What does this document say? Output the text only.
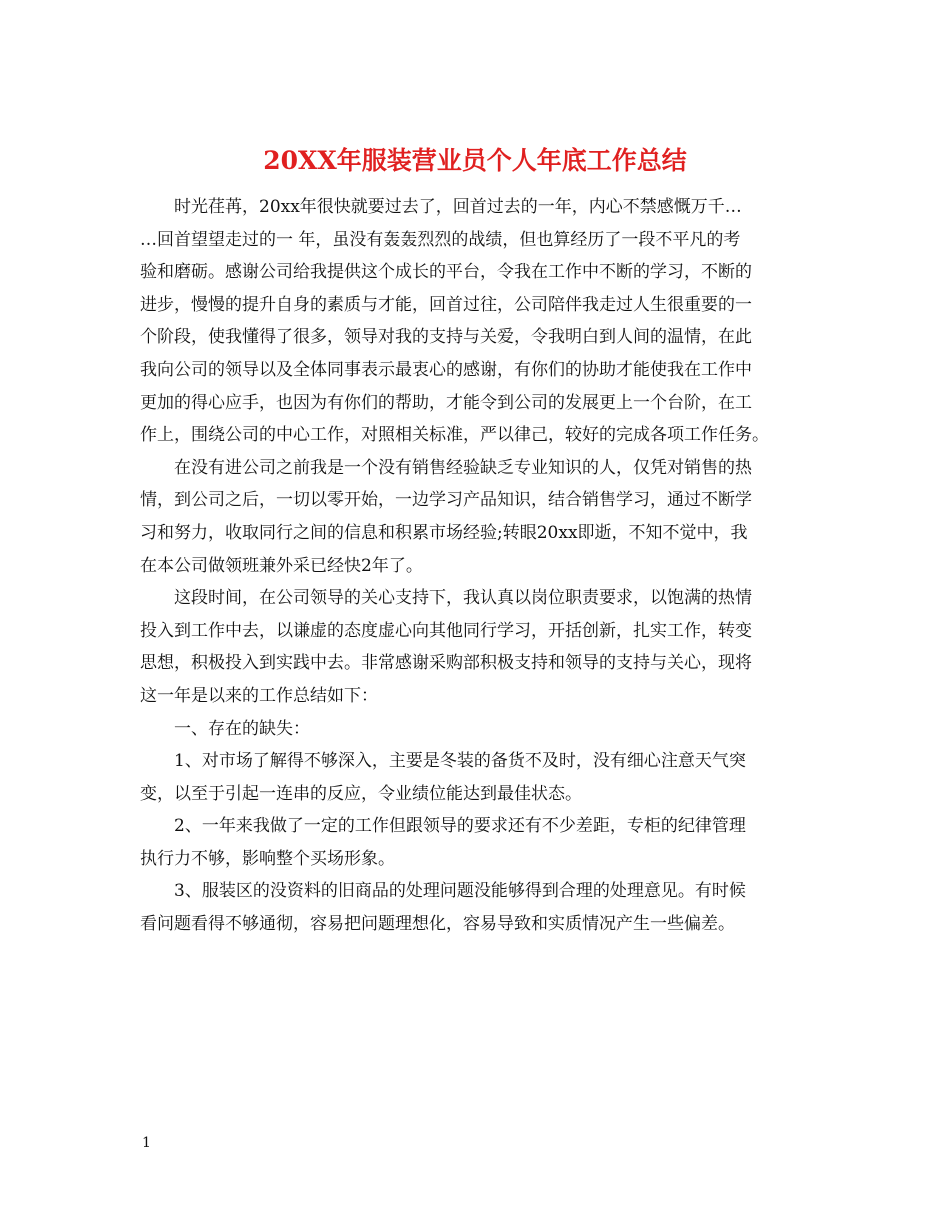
20XX年服装营业员个人年底工作总结
时光荏苒，20xx年很快就要过去了，回首过去的一年，内心不禁感慨万千…
…回首望望走过的一 年，虽没有轰轰烈烈的战绩，但也算经历了一段不平凡的考
验和磨砺。感谢公司给我提供这个成长的平台，令我在工作中不断的学习，不断的
进步，慢慢的提升自身的素质与才能，回首过往，公司陪伴我走过人生很重要的一
个阶段，使我懂得了很多，领导对我的支持与关爱，令我明白到人间的温情，在此
我向公司的领导以及全体同事表示最衷心的感谢，有你们的协助才能使我在工作中
更加的得心应手，也因为有你们的帮助，才能令到公司的发展更上一个台阶，在工
作上，围绕公司的中心工作，对照相关标准，严以律己，较好的完成各项工作任务。
在没有进公司之前我是一个没有销售经验缺乏专业知识的人，仅凭对销售的热
情，到公司之后，一切以零开始，一边学习产品知识，结合销售学习，通过不断学
习和努力，收取同行之间的信息和积累市场经验;转眼20xx即逝，不知不觉中，我
在本公司做领班兼外采已经快2年了。
这段时间，在公司领导的关心支持下，我认真以岗位职责要求，以饱满的热情
投入到工作中去，以谦虚的态度虚心向其他同行学习，开括创新，扎实工作，转变
思想，积极投入到实践中去。非常感谢采购部积极支持和领导的支持与关心，现将
这一年是以来的工作总结如下：
一、存在的缺失：
1、对市场了解得不够深入，主要是冬装的备货不及时，没有细心注意天气突
变，以至于引起一连串的反应，令业绩位能达到最佳状态。
2、一年来我做了一定的工作但跟领导的要求还有不少差距，专柜的纪律管理
执行力不够，影响整个买场形象。
3、服装区的没资料的旧商品的处理问题没能够得到合理的处理意见。有时候
看问题看得不够通彻，容易把问题理想化，容易导致和实质情况产生一些偏差。
1
